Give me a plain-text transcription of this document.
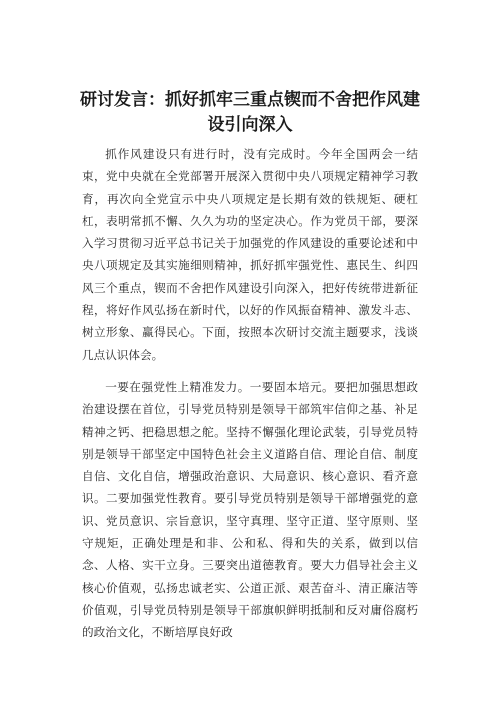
研讨发言：抓好抓牢三重点锲而不舍把作风建
设引向深入

抓作风建设只有进行时，没有完成时。今年全国两会一结束，党中央就在全党部署开展深入贯彻中央八项规定精神学习教育，再次向全党宣示中央八项规定是长期有效的铁规矩、硬杠杠，表明常抓不懈、久久为功的坚定决心。作为党员干部，要深入学习贯彻习近平总书记关于加强党的作风建设的重要论述和中央八项规定及其实施细则精神，抓好抓牢强党性、惠民生、纠四风三个重点，锲而不舍把作风建设引向深入，把好传统带进新征程，将好作风弘扬在新时代，以好的作风振奋精神、激发斗志、树立形象、赢得民心。下面，按照本次研讨交流主题要求，浅谈几点认识体会。

一要在强党性上精准发力。一要固本培元。要把加强思想政治建设摆在首位，引导党员特别是领导干部筑牢信仰之基、补足精神之钙、把稳思想之舵。坚持不懈强化理论武装，引导党员特别是领导干部坚定中国特色社会主义道路自信、理论自信、制度自信、文化自信，增强政治意识、大局意识、核心意识、看齐意识。二要加强党性教育。要引导党员特别是领导干部增强党的意识、党员意识、宗旨意识，坚守真理、坚守正道、坚守原则、坚守规矩，正确处理是和非、公和私、得和失的关系，做到以信念、人格、实干立身。三要突出道德教育。要大力倡导社会主义核心价值观，弘扬忠诚老实、公道正派、艰苦奋斗、清正廉洁等价值观，引导党员特别是领导干部旗帜鲜明抵制和反对庸俗腐朽的政治文化，不断培厚良好政
